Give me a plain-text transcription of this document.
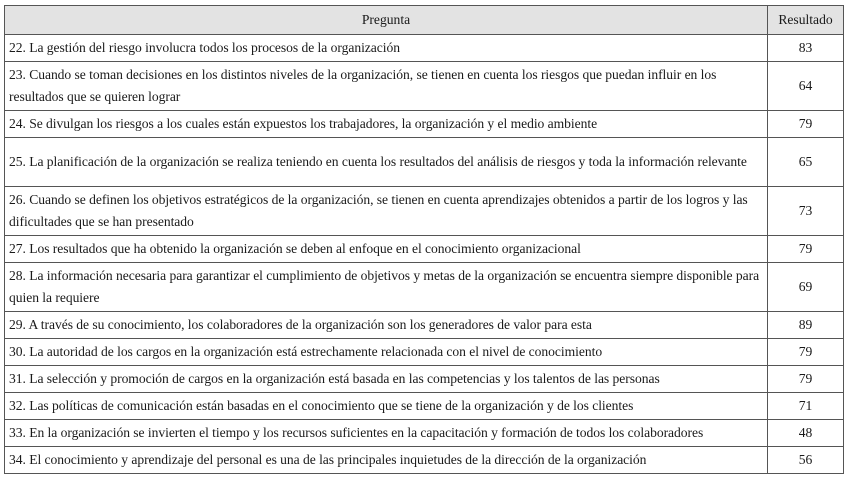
Pregunta	Resultado
22. La gestión del riesgo involucra todos los procesos de la organización	83
23. Cuando se toman decisiones en los distintos niveles de la organización, se tienen en cuenta los riesgos que puedan influir en los resultados que se quieren lograr	64
24. Se divulgan los riesgos a los cuales están expuestos los trabajadores, la organización y el medio ambiente	79
25. La planificación de la organización se realiza teniendo en cuenta los resultados del análisis de riesgos y toda la información relevante	65
26. Cuando se definen los objetivos estratégicos de la organización, se tienen en cuenta aprendizajes obtenidos a partir de los logros y las dificultades que se han presentado	73
27. Los resultados que ha obtenido la organización se deben al enfoque en el conocimiento organizacional	79
28. La información necesaria para garantizar el cumplimiento de objetivos y metas de la organización se encuentra siempre disponible para quien la requiere	69
29. A través de su conocimiento, los colaboradores de la organización son los generadores de valor para esta	89
30. La autoridad de los cargos en la organización está estrechamente relacionada con el nivel de conocimiento	79
31. La selección y promoción de cargos en la organización está basada en las competencias y los talentos de las personas	79
32. Las políticas de comunicación están basadas en el conocimiento que se tiene de la organización y de los clientes	71
33. En la organización se invierten el tiempo y los recursos suficientes en la capacitación y formación de todos los colaboradores	48
34. El conocimiento y aprendizaje del personal es una de las principales inquietudes de la dirección de la organización	56
